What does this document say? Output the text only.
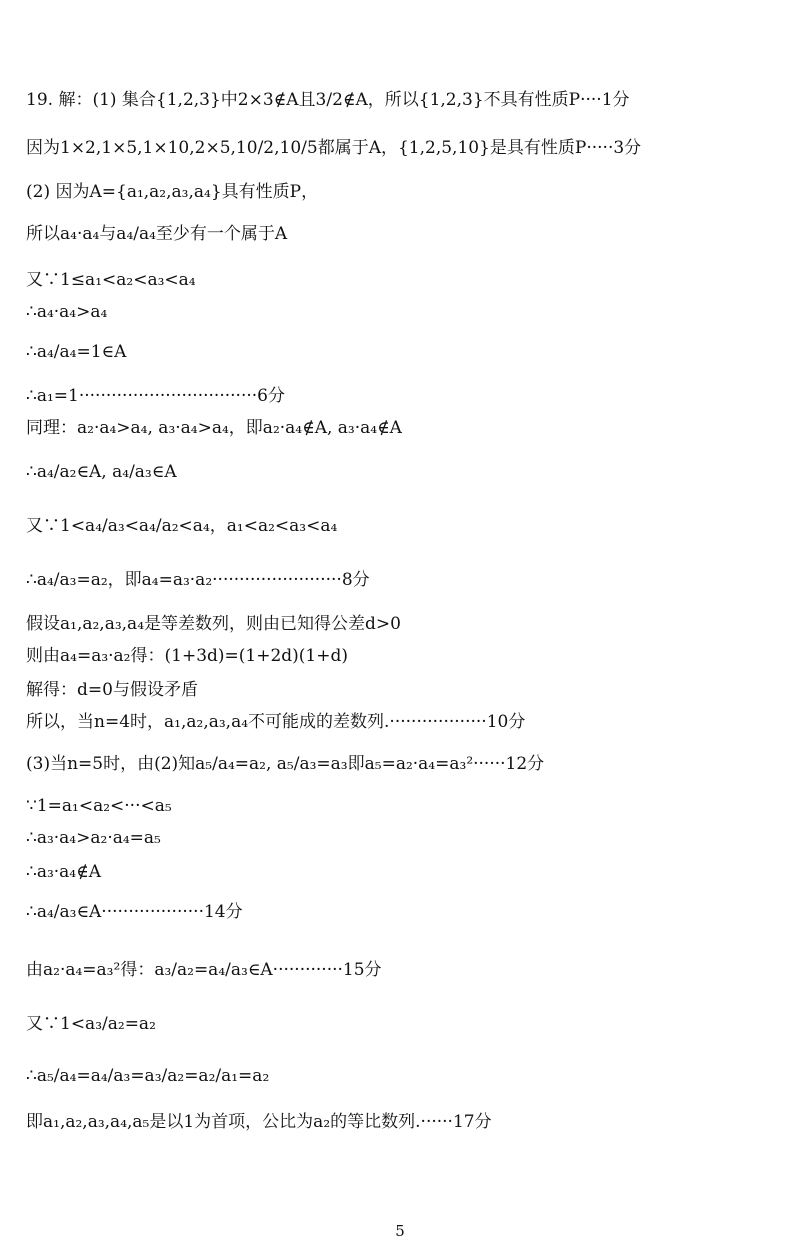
19. 解：(1) 集合{1,2,3}中2×3∉A且3/2∉A，所以{1,2,3}不具有性质P····1分
因为1×2,1×5,1×10,2×5,10/2,10/5都属于A，{1,2,5,10}是具有性质P·····3分
(2) 因为A={a₁,a₂,a₃,a₄}具有性质P，
所以a₄·a₄与a₄/a₄至少有一个属于A
又∵1≤a₁<a₂<a₃<a₄
∴a₄·a₄>a₄
∴a₄/a₄=1∈A
∴a₁=1·································6分
同理：a₂·a₄>a₄, a₃·a₄>a₄，即a₂·a₄∉A, a₃·a₄∉A
∴a₄/a₂∈A, a₄/a₃∈A
又∵1<a₄/a₃<a₄/a₂<a₄，a₁<a₂<a₃<a₄
∴a₄/a₃=a₂，即a₄=a₃·a₂························8分
假设a₁,a₂,a₃,a₄是等差数列，则由已知得公差d>0
则由a₄=a₃·a₂得：(1+3d)=(1+2d)(1+d)
解得：d=0与假设矛盾
所以，当n=4时，a₁,a₂,a₃,a₄不可能成的差数列.··················10分
(3)当n=5时，由(2)知a₅/a₄=a₂, a₅/a₃=a₃即a₅=a₂·a₄=a₃²······12分
∵1=a₁<a₂<···<a₅
∴a₃·a₄>a₂·a₄=a₅
∴a₃·a₄∉A
∴a₄/a₃∈A···················14分
由a₂·a₄=a₃²得：a₃/a₂=a₄/a₃∈A·············15分
又∵1<a₃/a₂=a₂
∴a₅/a₄=a₄/a₃=a₃/a₂=a₂/a₁=a₂
即a₁,a₂,a₃,a₄,a₅是以1为首项，公比为a₂的等比数列.······17分
5
